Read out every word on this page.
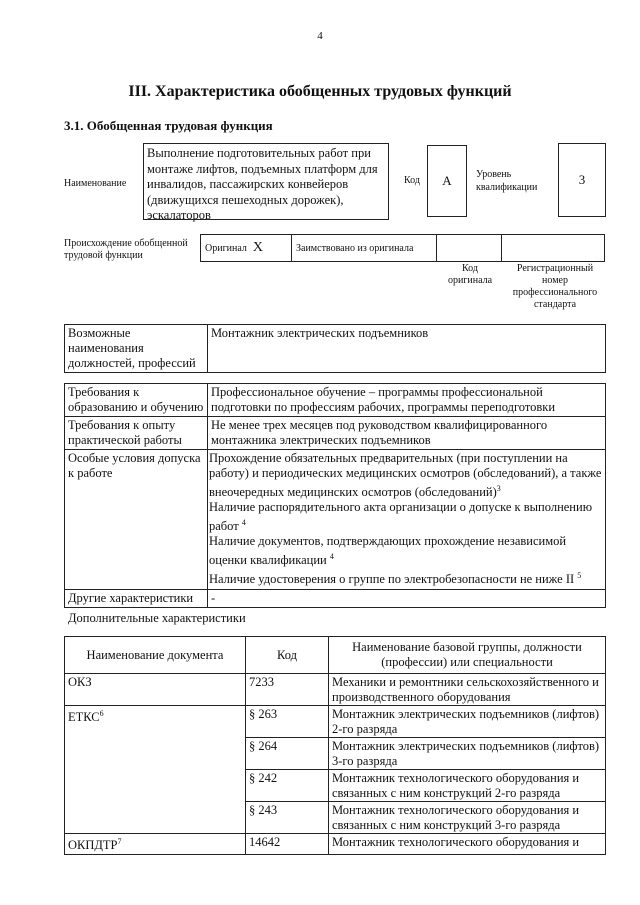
4
III. Характеристика обобщенных трудовых функций
3.1. Обобщенная трудовая функция
Наименование
Выполнение подготовительных работ при монтаже лифтов, подъемных платформ для инвалидов, пассажирских конвейеров (движущихся пешеходных дорожек), эскалаторов
Код	А	Уровень квалификации
3
Происхождение обобщенной трудовой функции
Оригинал Х	Заимствовано из оригинала
Код оригинала
Регистрационный номер профессионального стандарта
Возможные наименования должностей, профессий	Монтажник электрических подъемников
Требования к образованию и обучению	Профессиональное обучение – программы профессиональной подготовки по профессиям рабочих, программы переподготовки
Требования к опыту практической работы	Не менее трех месяцев под руководством квалифицированного монтажника электрических подъемников
Особые условия допуска к работе	Прохождение обязательных предварительных (при поступлении на работу) и периодических медицинских осмотров (обследований), а также внеочередных медицинских осмотров (обследований)$^3$
Наличие распорядительного акта организации о допуске к выполнению работ $^4$
Наличие документов, подтверждающих прохождение независимой оценки квалификации $^4$
Наличие удостоверения о группе по электробезопасности не ниже II $^5$

Другие характеристики	-
Дополнительные характеристики
Наименование документа	Код	Наименование базовой группы, должности (профессии) или специальности
ОКЗ	7233	Механики и ремонтники сельскохозяйственного и производственного оборудования
ЕТКС$^6$	§ 263	Монтажник электрических подъемников (лифтов) 2-го разряда
	§ 264	Монтажник электрических подъемников (лифтов) 3-го разряда
	§ 242	Монтажник технологического оборудования и связанных с ним конструкций 2-го разряда
	§ 243	Монтажник технологического оборудования и связанных с ним конструкций 3-го разряда
ОКПДТР$^7$	14642	Монтажник технологического оборудования и
